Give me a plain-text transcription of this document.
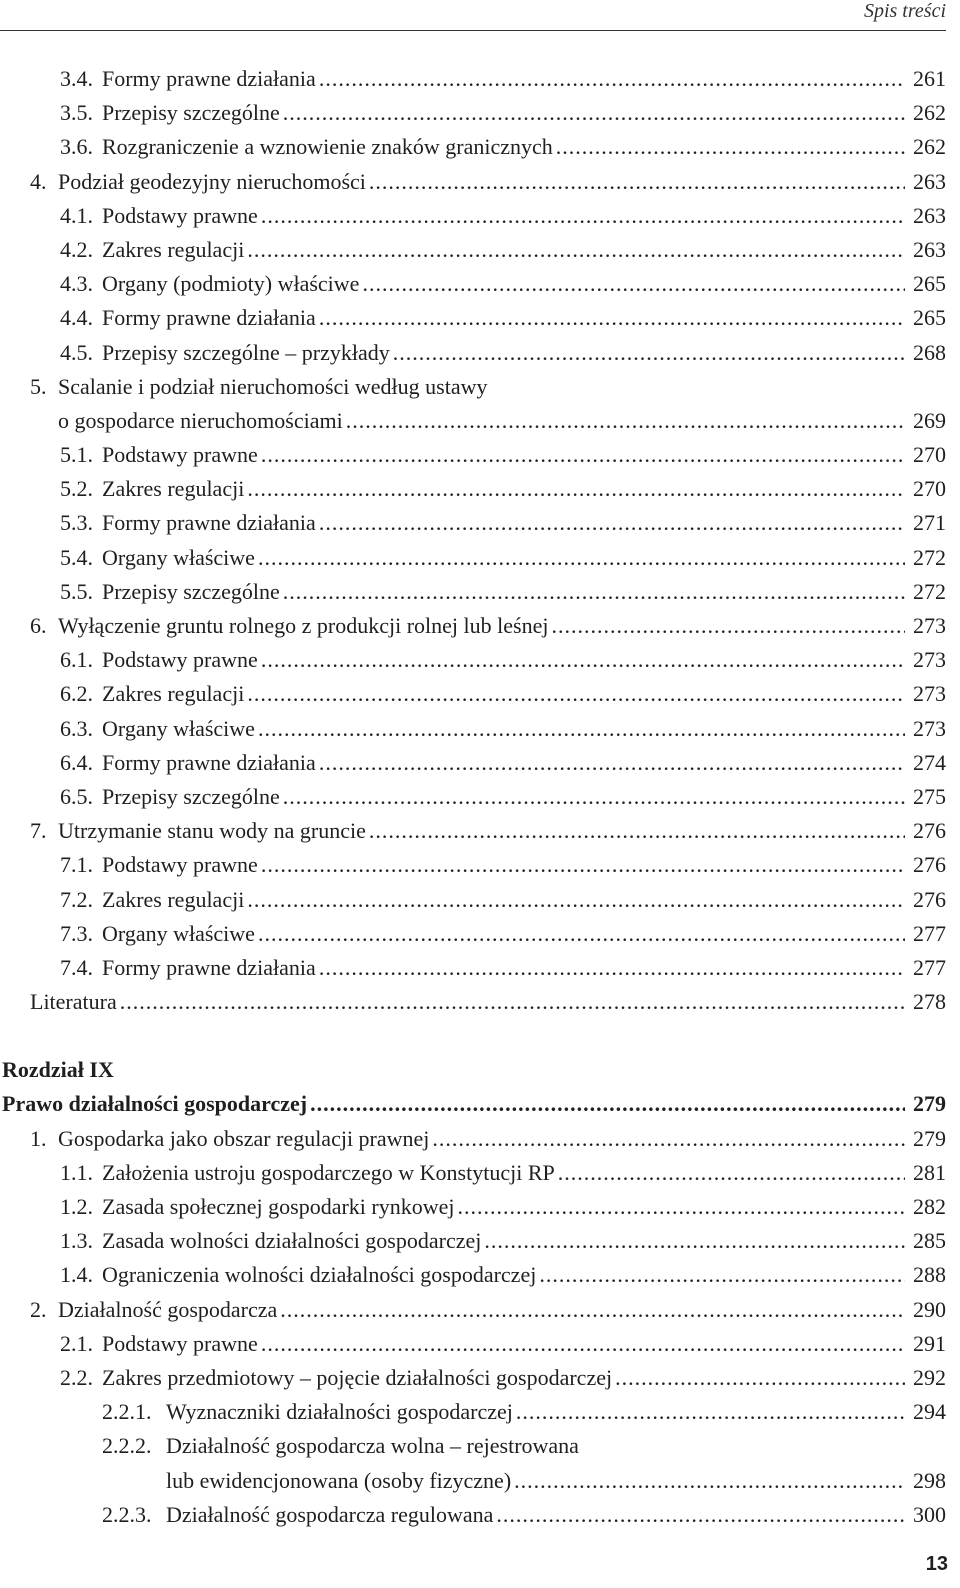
Spis treści
3.4. Formy prawne działania .....	261
3.5. Przepisy szczególne .....	262
3.6. Rozgraniczenie a wznowienie znaków granicznych .....	262
4. Podział geodezyjny nieruchomości .....	263
4.1. Podstawy prawne .....	263
4.2. Zakres regulacji .....	263
4.3. Organy (podmioty) właściwe .....	265
4.4. Formy prawne działania .....	265
4.5. Przepisy szczególne – przykłady .....	268
5. Scalanie i podział nieruchomości według ustawy
o gospodarce nieruchomościami .....	269
5.1. Podstawy prawne .....	270
5.2. Zakres regulacji .....	270
5.3. Formy prawne działania .....	271
5.4. Organy właściwe .....	272
5.5. Przepisy szczególne .....	272
6. Wyłączenie gruntu rolnego z produkcji rolnej lub leśnej .....	273
6.1. Podstawy prawne .....	273
6.2. Zakres regulacji .....	273
6.3. Organy właściwe .....	273
6.4. Formy prawne działania .....	274
6.5. Przepisy szczególne .....	275
7. Utrzymanie stanu wody na gruncie .....	276
7.1. Podstawy prawne .....	276
7.2. Zakres regulacji .....	276
7.3. Organy właściwe .....	277
7.4. Formy prawne działania .....	277
Literatura .....	278
Rozdział IX
Prawo działalności gospodarczej .....	279
1. Gospodarka jako obszar regulacji prawnej .....	279
1.1. Założenia ustroju gospodarczego w Konstytucji RP .....	281
1.2. Zasada społecznej gospodarki rynkowej .....	282
1.3. Zasada wolności działalności gospodarczej .....	285
1.4. Ograniczenia wolności działalności gospodarczej .....	288
2. Działalność gospodarcza .....	290
2.1. Podstawy prawne .....	291
2.2. Zakres przedmiotowy – pojęcie działalności gospodarczej .....	292
2.2.1. Wyznaczniki działalności gospodarczej .....	294
2.2.2. Działalność gospodarcza wolna – rejestrowana
lub ewidencjonowana (osoby fizyczne) .....	298
2.2.3. Działalność gospodarcza regulowana .....	300
13
